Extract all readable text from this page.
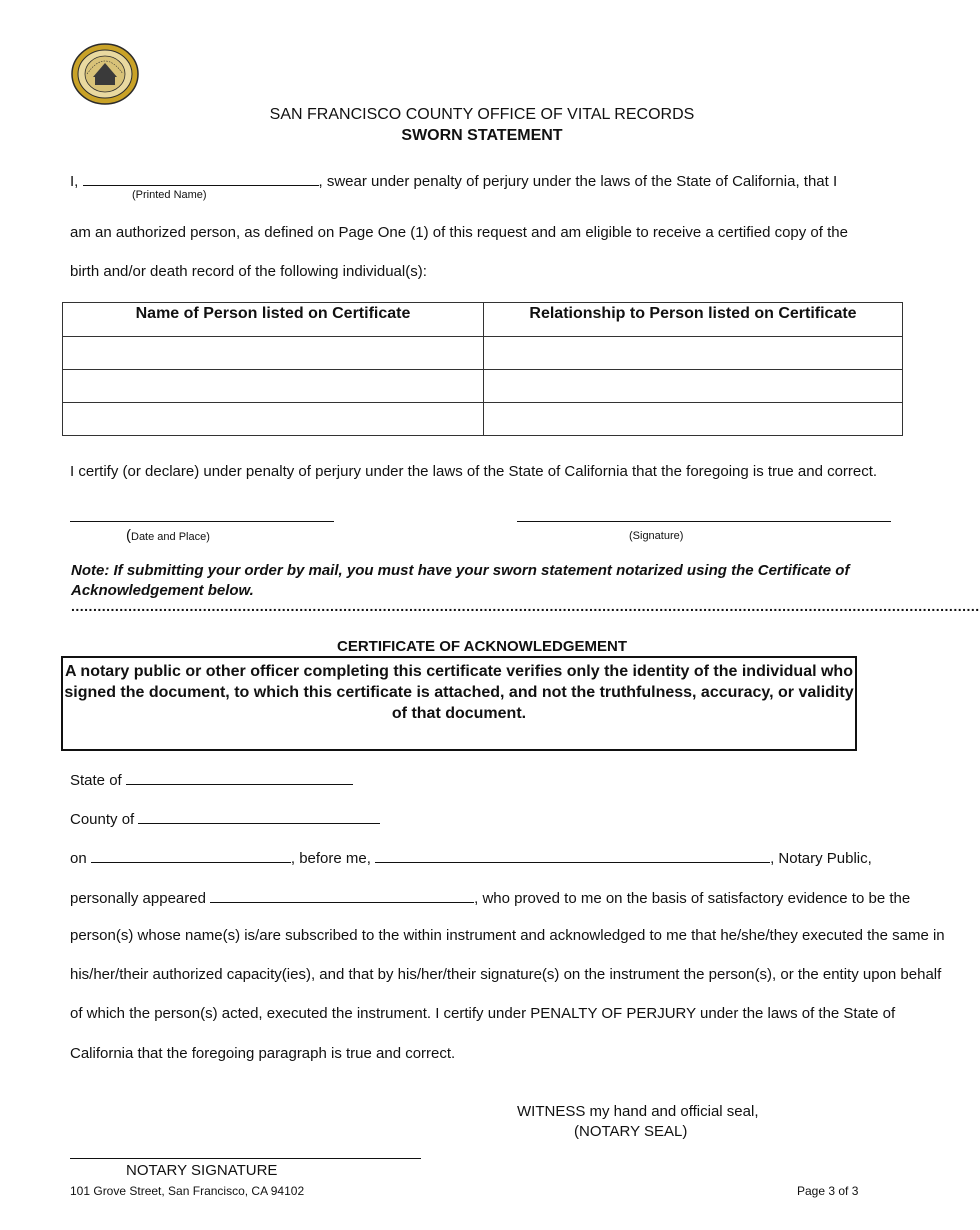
SAN FRANCISCO COUNTY OFFICE OF VITAL RECORDS
SWORN STATEMENT
I,	, swear under penalty of perjury under the laws of the State of California, that I
(Printed Name)
am an authorized person, as defined on Page One (1) of this request and am eligible to receive a certified copy of the
birth and/or death record of the following individual(s):
Name of Person listed on Certificate	Relationship to Person listed on Certificate

I certify (or declare) under penalty of perjury under the laws of the State of California that the foregoing is true and correct.
(Date and Place)	(Signature)
Note: If submitting your order by mail, you must have your sworn statement notarized using the Certificate of Acknowledgement below.
...............................................................................................................................................................................................................
CERTIFICATE OF ACKNOWLEDGEMENT
A notary public or other officer completing this certificate verifies only the identity of the individual who signed the document, to which this certificate is attached, and not the truthfulness, accuracy, or validity of that document.
State of
County of
on	, before me,	, Notary Public,
personally appeared	, who proved to me on the basis of satisfactory evidence to be the
person(s) whose name(s) is/are subscribed to the within instrument and acknowledged to me that he/she/they executed the same in
his/her/their authorized capacity(ies), and that by his/her/their signature(s) on the instrument the person(s), or the entity upon behalf
of which the person(s) acted, executed the instrument. I certify under PENALTY OF PERJURY under the laws of the State of
California that the foregoing paragraph is true and correct.
WITNESS my hand and official seal,
(NOTARY SEAL)
NOTARY SIGNATURE
101 Grove Street, San Francisco, CA 94102	Page 3 of 3
